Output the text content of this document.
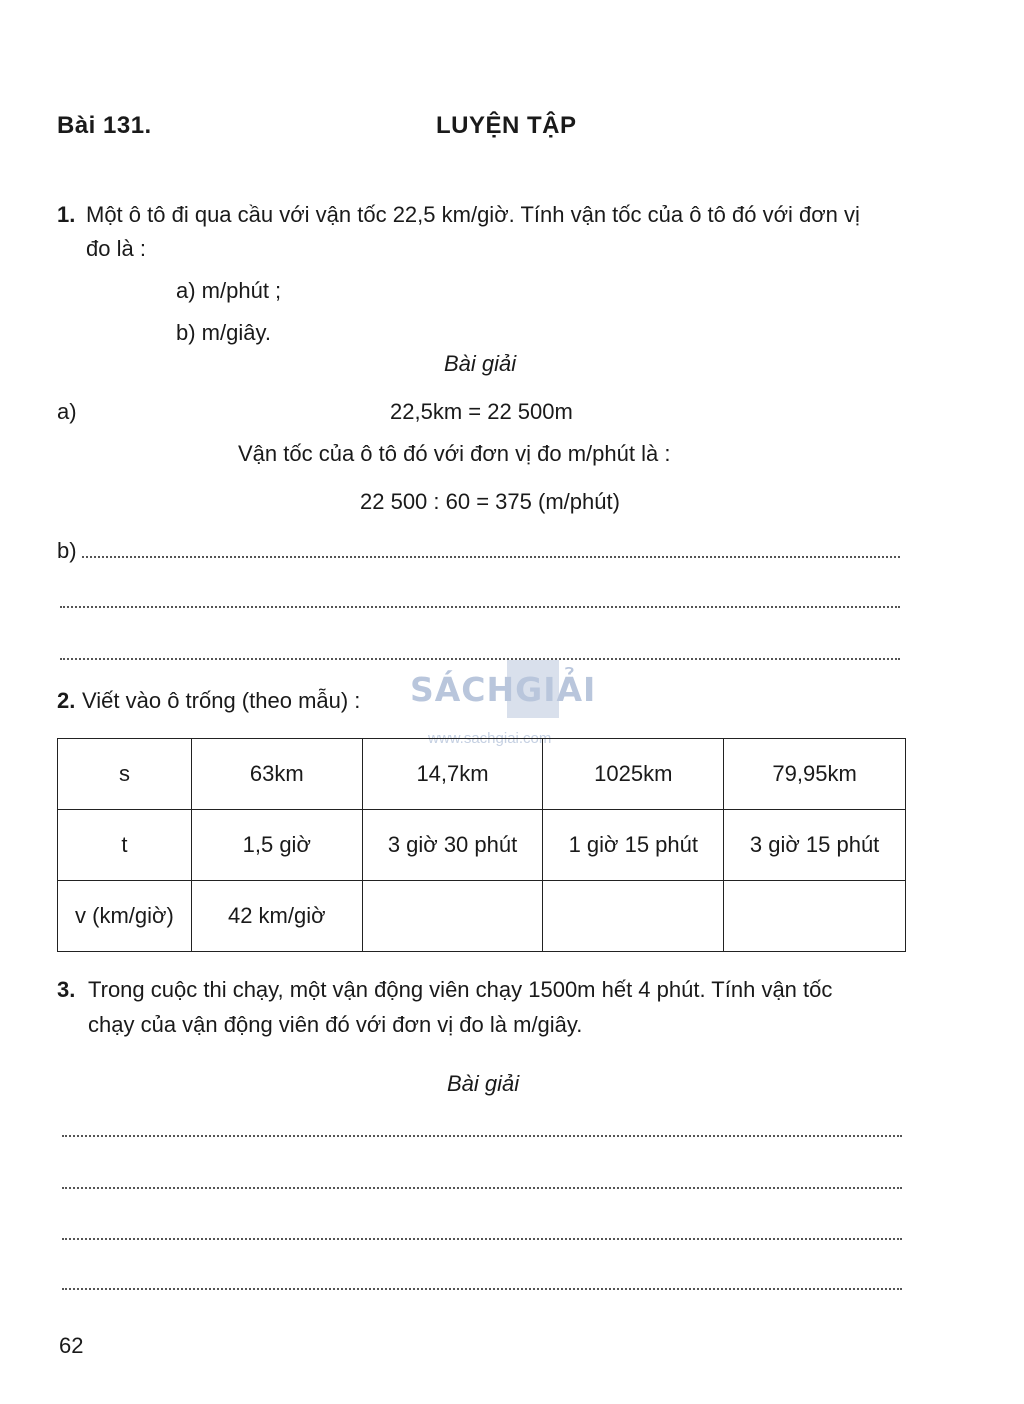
Bài 131.	LUYỆN TẬP
1. Một ô tô đi qua cầu với vận tốc 22,5 km/giờ. Tính vận tốc của ô tô đó với đơn vị
đo là :
a) m/phút ;
b) m/giây.
Bài giải
a)	22,5km = 22 500m
Vận tốc của ô tô đó với đơn vị đo m/phút là :
22 500 : 60 = 375 (m/phút)
b)
SÁCHGIẢI
www.sachgiai.com
2. Viết vào ô trống (theo mẫu) :
s	63km	14,7km	1025km	79,95km
t	1,5 giờ	3 giờ 30 phút	1 giờ 15 phút	3 giờ 15 phút
v (km/giờ)	42 km/giờ			
3. Trong cuộc thi chạy, một vận động viên chạy 1500m hết 4 phút. Tính vận tốc
chạy của vận động viên đó với đơn vị đo là m/giây.
Bài giải
62
